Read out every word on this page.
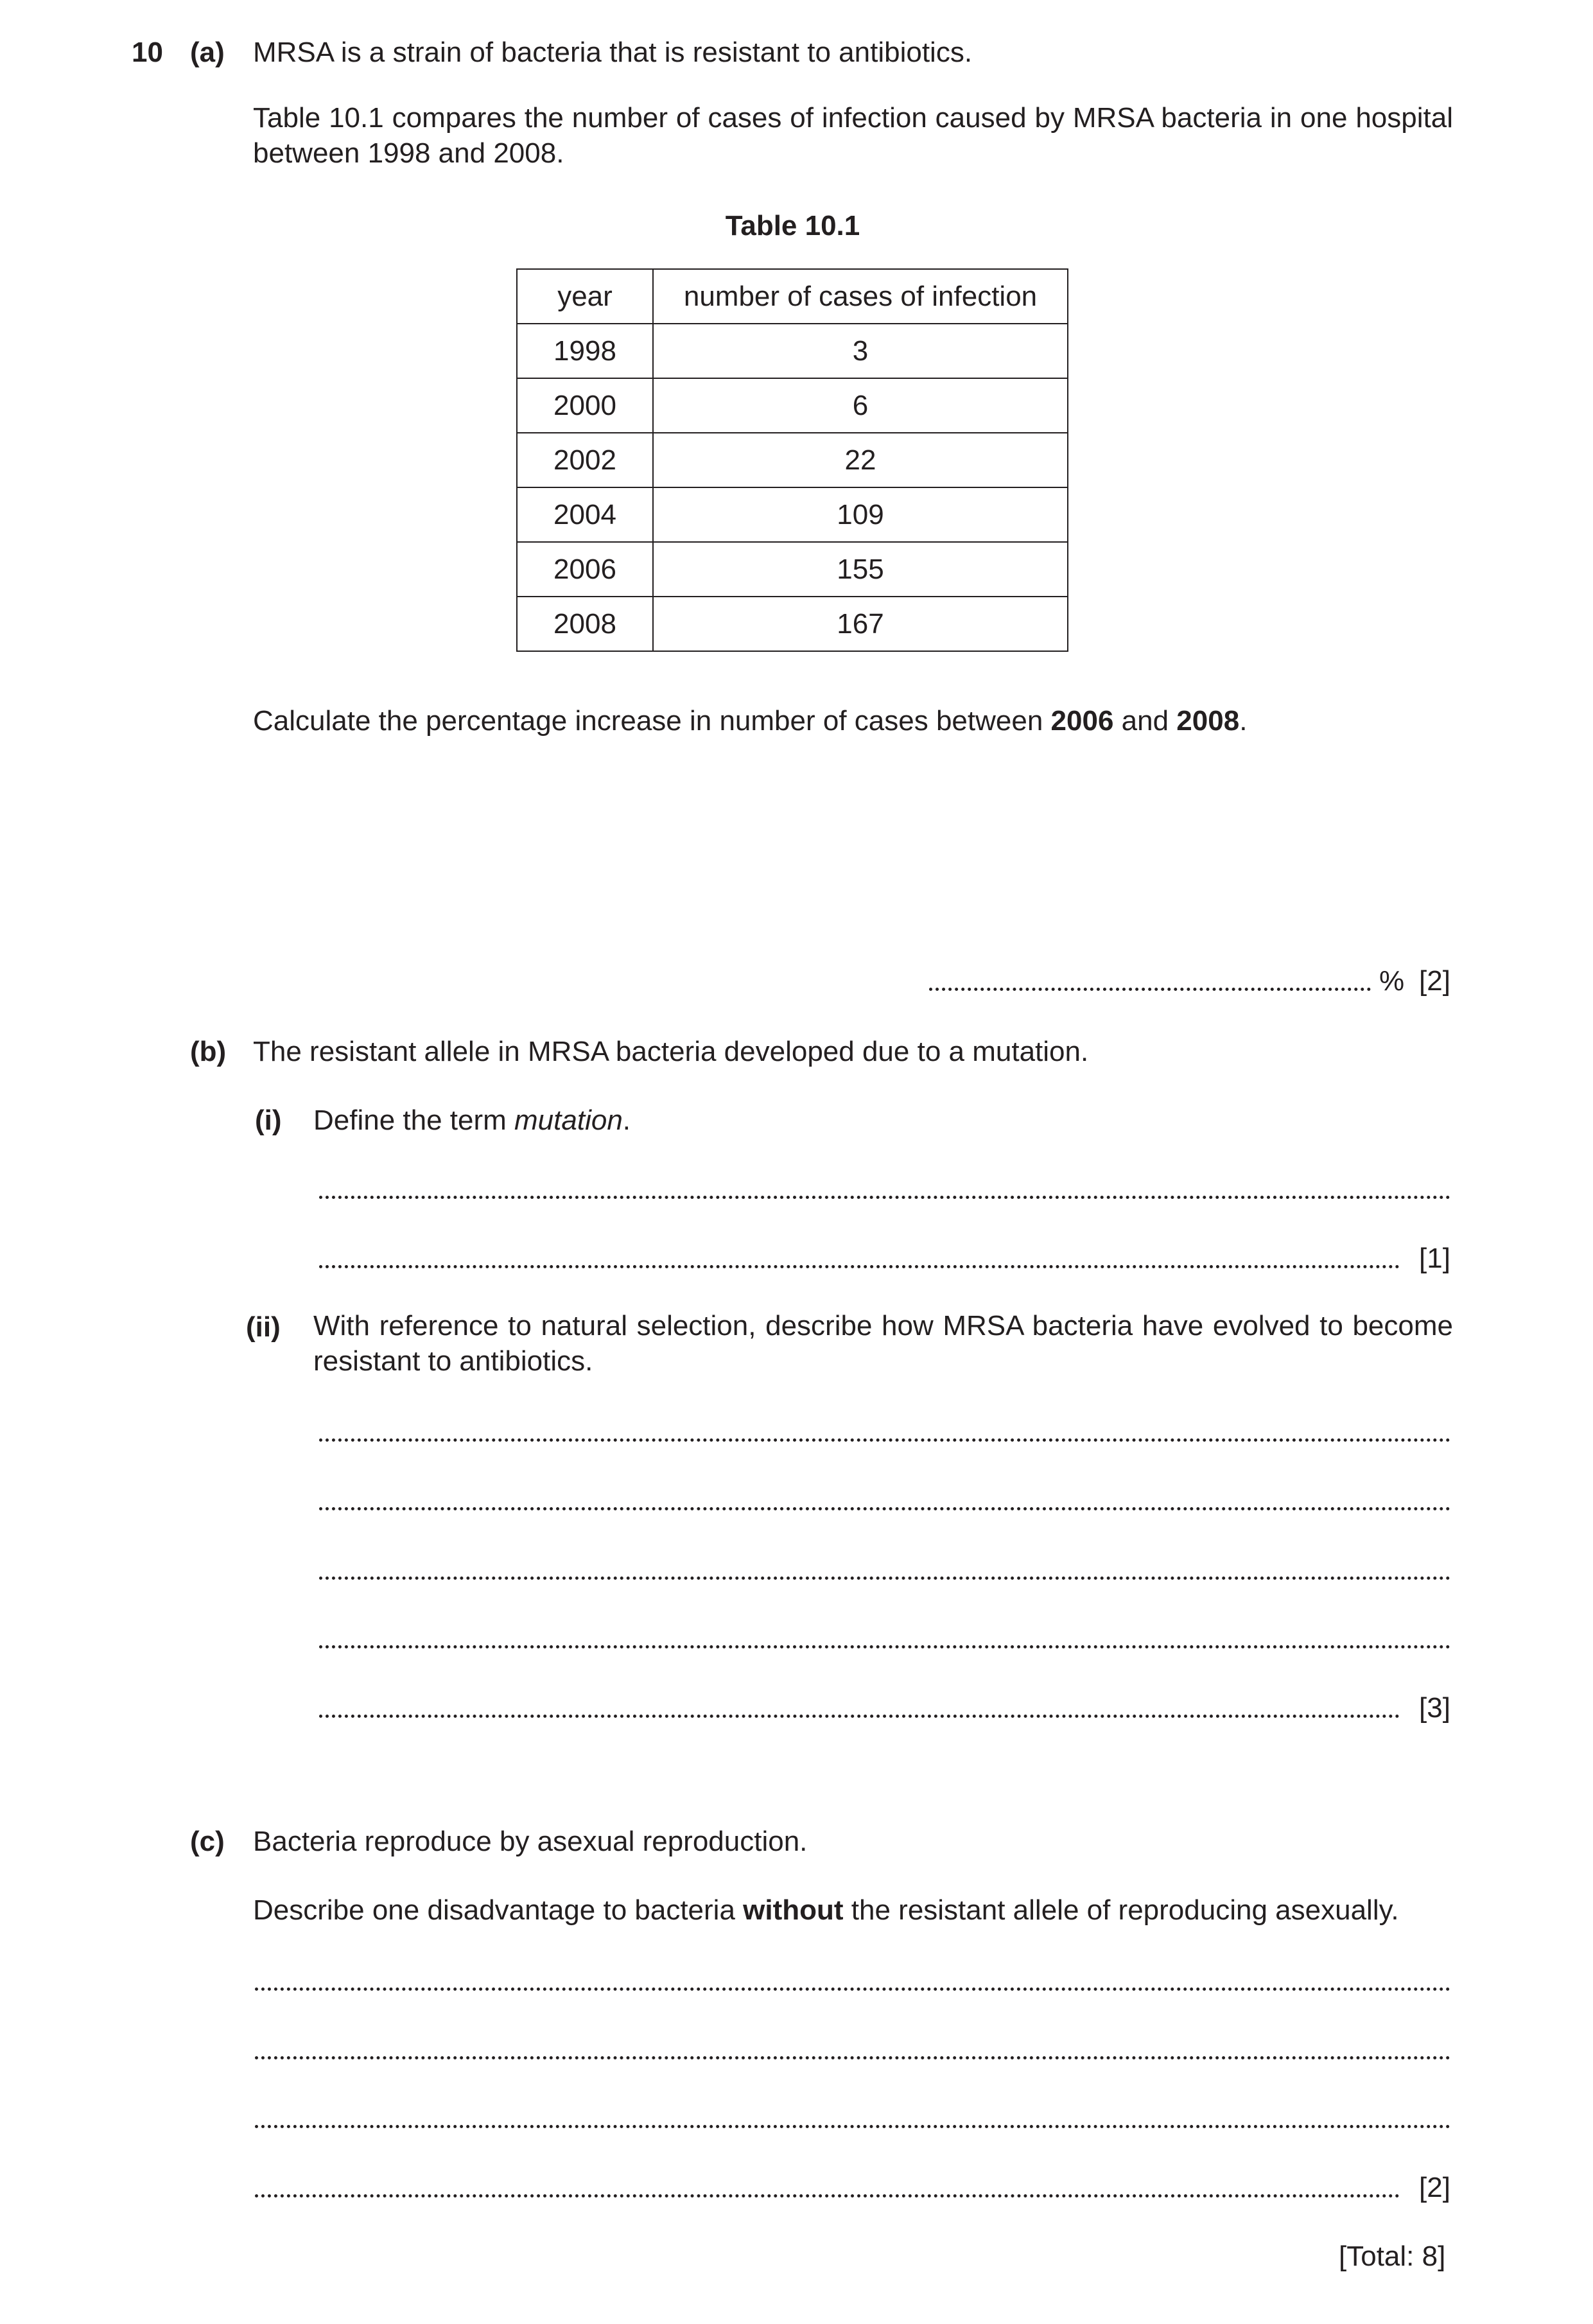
10 (a) MRSA is a strain of bacteria that is resistant to antibiotics.
Table 10.1 compares the number of cases of infection caused by MRSA bacteria in one hospital between 1998 and 2008.
Table 10.1
year	number of cases of infection
1998	3
2000	6
2002	22
2004	109
2006	155
2008	167
Calculate the percentage increase in number of cases between 2006 and 2008.
% [2]
(b) The resistant allele in MRSA bacteria developed due to a mutation.
(i) Define the term mutation.
[1]
(ii) With reference to natural selection, describe how MRSA bacteria have evolved to become resistant to antibiotics.
[3]
(c) Bacteria reproduce by asexual reproduction.
Describe one disadvantage to bacteria without the resistant allele of reproducing asexually.
[2]
[Total: 8]
